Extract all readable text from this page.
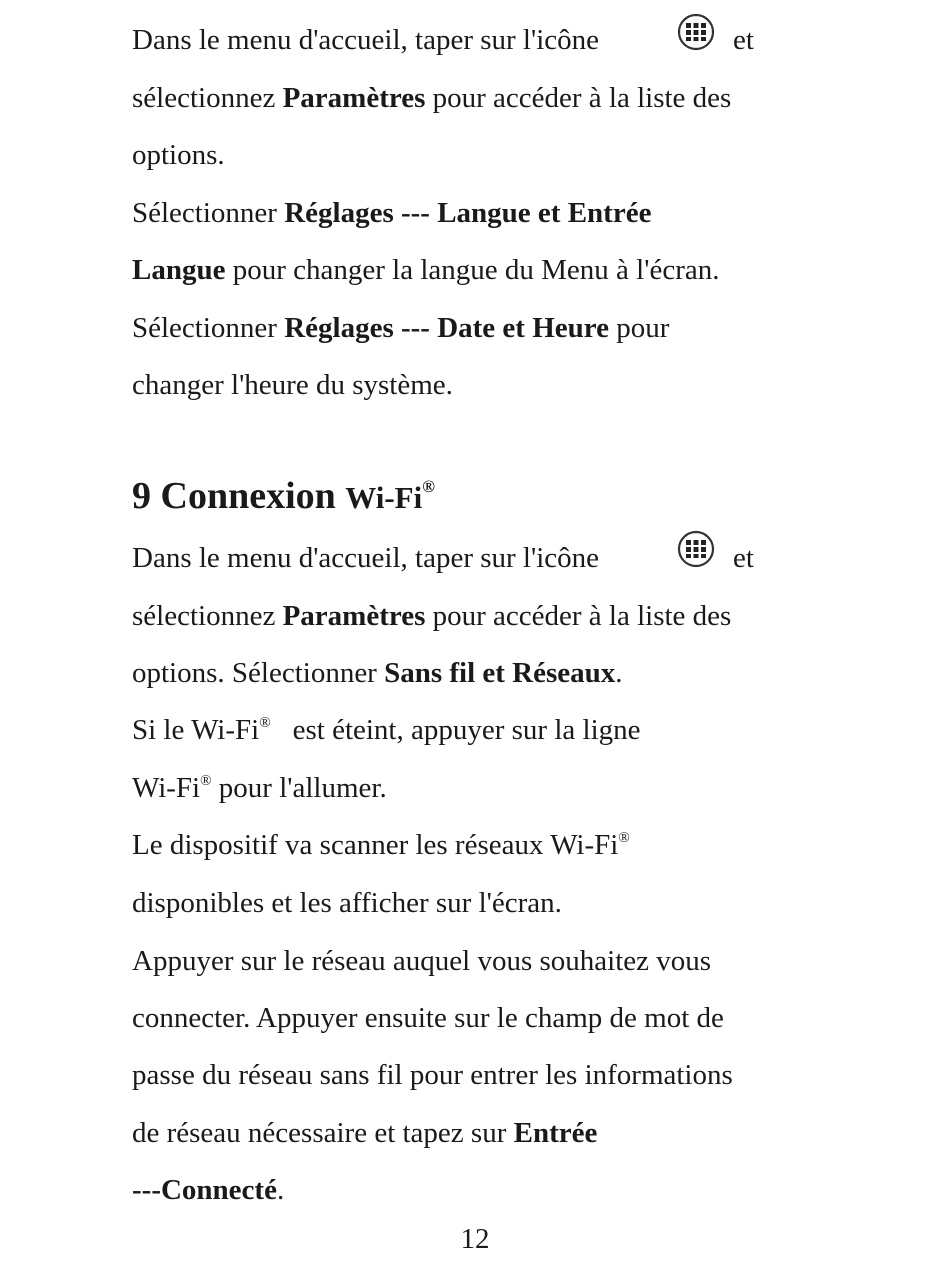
Dans le menu d'accueil, taper sur l'icône	et
sélectionnez Paramètres pour accéder à la liste des
options.
Sélectionner Réglages --- Langue et Entrée
Langue pour changer la langue du Menu à l'écran.
Sélectionner Réglages --- Date et Heure pour
changer l'heure du système.
9 Connexion Wi-Fi®
Dans le menu d'accueil, taper sur l'icône	et
sélectionnez Paramètres pour accéder à la liste des
options. Sélectionner Sans fil et Réseaux.
Si le Wi-Fi® est éteint, appuyer sur la ligne
Wi-Fi® pour l'allumer.
Le dispositif va scanner les réseaux Wi-Fi®
disponibles et les afficher sur l'écran.
Appuyer sur le réseau auquel vous souhaitez vous
connecter. Appuyer ensuite sur le champ de mot de
passe du réseau sans fil pour entrer les informations
de réseau nécessaire et tapez sur Entrée
---Connecté.
12
